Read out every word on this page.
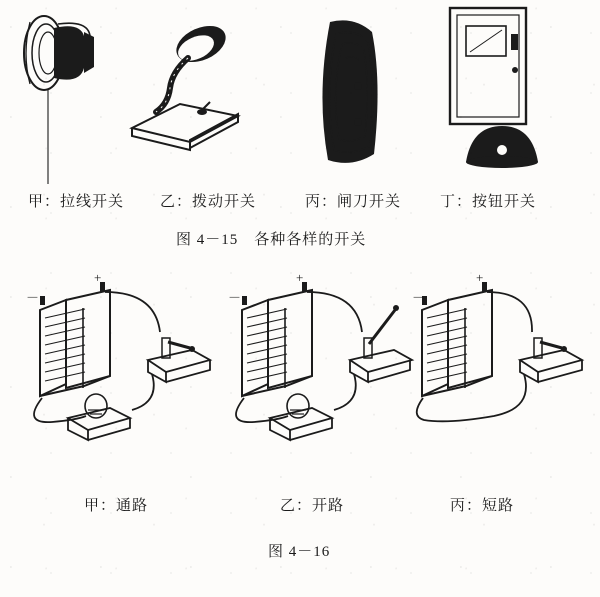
甲：拉线开关 乙：拨动开关	丙：闸刀开关	丁：按钮开关
图 4－15　各种各样的开关
+
－
+
－
+
－
甲：通路	乙：开路	丙：短路
图 4－16
